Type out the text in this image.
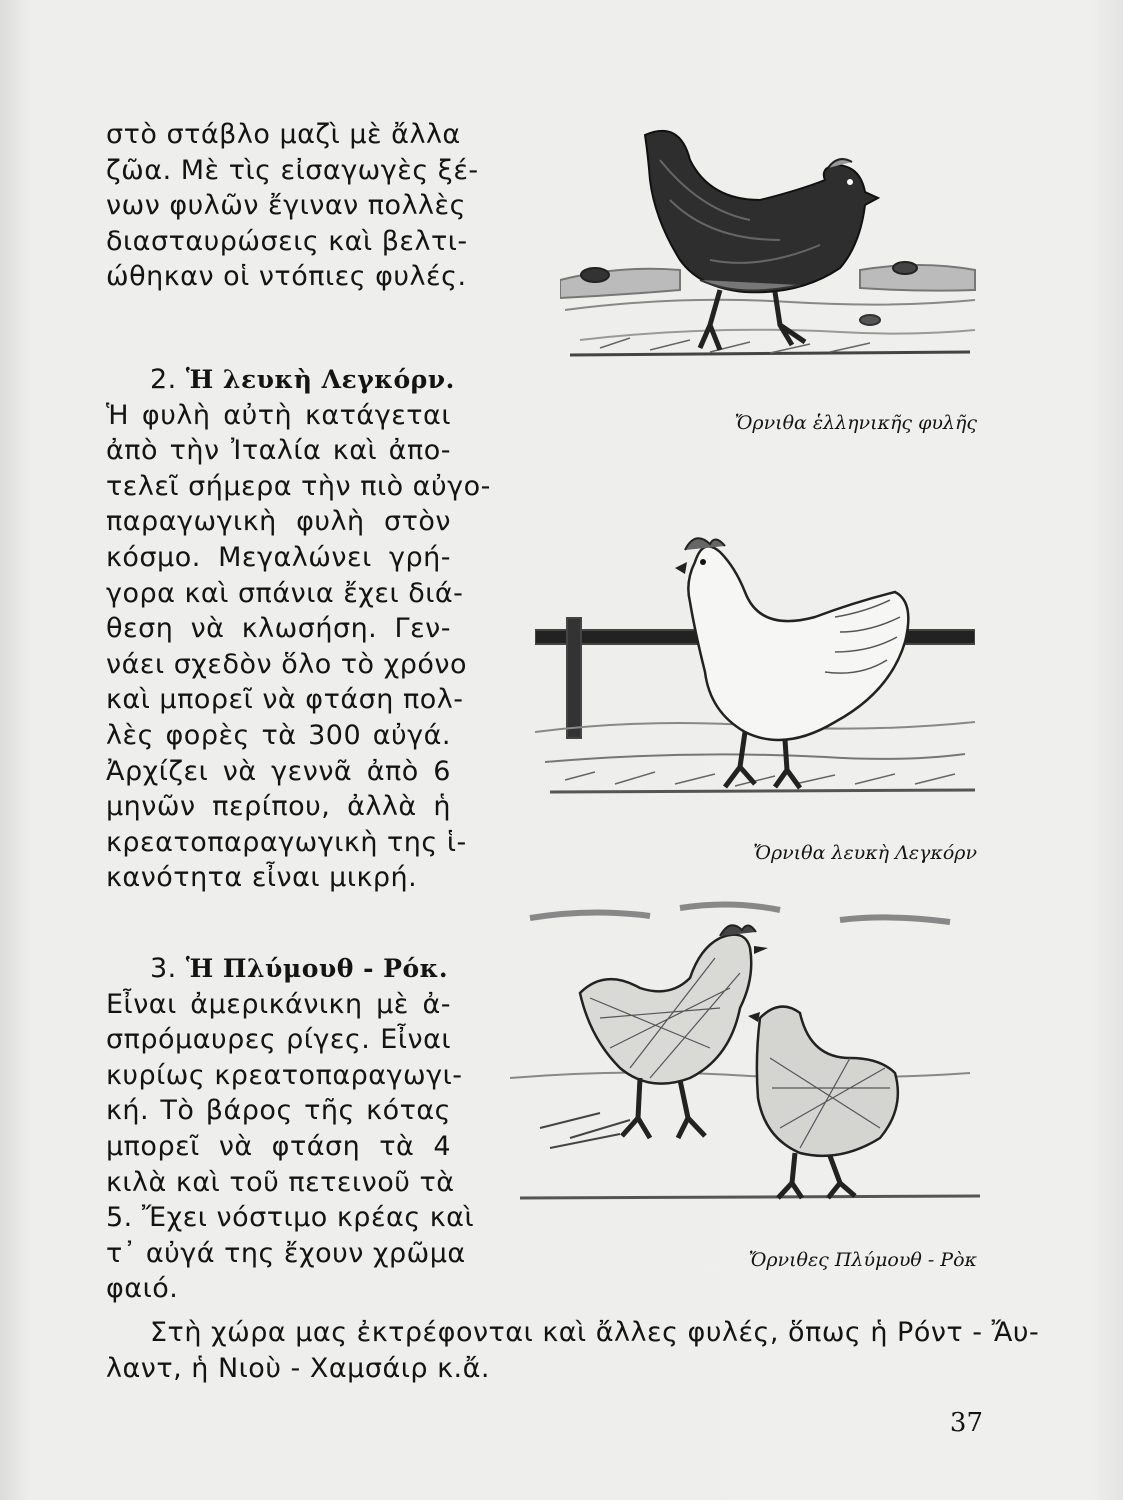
στὸ στάβλο μαζὶ μὲ ἄλλα
ζῶα. Μὲ τὶς εἰσαγωγὲς ξέ-
νων φυλῶν ἔγιναν πολλὲς
διασταυρώσεις καὶ βελτι-
ώθηκαν οἱ ντόπιες φυλές.
2. Ἡ λευκὴ Λεγκόρν.
Ἡ φυλὴ αὐτὴ κατάγεται
ἀπὸ τὴν Ἰταλία καὶ ἀπο-
τελεῖ σήμερα τὴν πιὸ αὐγο-
παραγωγικὴ φυλὴ στὸν
κόσμο. Μεγαλώνει γρή-
γορα καὶ σπάνια ἔχει διά-
θεση νὰ κλωσήση. Γεν-
νάει σχεδὸν ὅλο τὸ χρόνο
καὶ μπορεῖ νὰ φτάση πολ-
λὲς φορὲς τὰ 300 αὐγά.
Ἀρχίζει νὰ γεννᾶ ἀπὸ 6
μηνῶν περίπου, ἀλλὰ ἡ
κρεατοπαραγωγικὴ της ἱ-
κανότητα εἶναι μικρή.
3. Ἡ Πλύμουθ - Ρόκ.
Εἶναι ἀμερικάνικη μὲ ἀ-
σπρόμαυρες ρίγες. Εἶναι
κυρίως κρεατοπαραγωγι-
κή. Τὸ βάρος τῆς κότας
μπορεῖ νὰ φτάση τὰ 4
κιλὰ καὶ τοῦ πετεινοῦ τὰ
5. Ἔχει νόστιμο κρέας καὶ
τ᾽ αὐγά της ἔχουν χρῶμα
φαιό.
Στὴ χώρα μας ἐκτρέφονται καὶ ἄλλες φυλές, ὅπως ἡ Ρόντ - Ἄυ-
λαντ, ἡ Νιοὺ - Χαμσάιρ κ.ἄ.
Ὄρνιθα ἑλληνικῆς φυλῆς
Ὄρνιθα λευκὴ Λεγκόρν
Ὄρνιθες Πλύμουθ - Ρὸκ
37
